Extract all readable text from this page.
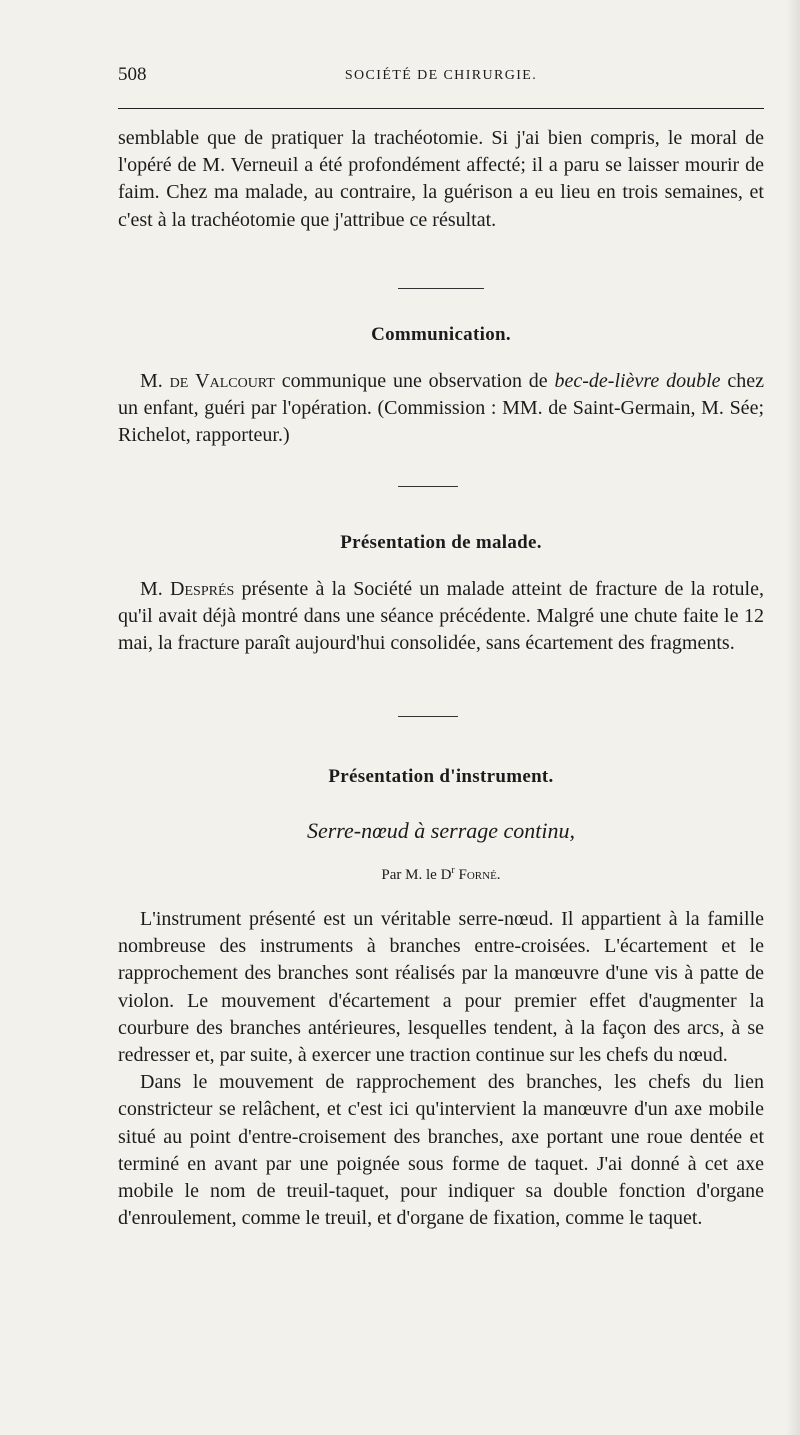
508	SOCIÉTÉ DE CHIRURGIE.

semblable que de pratiquer la trachéotomie. Si j'ai bien compris, le moral de l'opéré de M. Verneuil a été profondément affecté; il a paru se laisser mourir de faim. Chez ma malade, au contraire, la guérison a eu lieu en trois semaines, et c'est à la trachéotomie que j'attribue ce résultat.

Communication.

M. de Valcourt communique une observation de bec-de-lièvre double chez un enfant, guéri par l'opération. (Commission : MM. de Saint-Germain, M. Sée; Richelot, rapporteur.)

Présentation de malade.

M. Després présente à la Société un malade atteint de fracture de la rotule, qu'il avait déjà montré dans une séance précédente. Malgré une chute faite le 12 mai, la fracture paraît aujourd'hui consolidée, sans écartement des fragments.

Présentation d'instrument.
Serre-nœud à serrage continu,
Par M. le $D^r$ Forné.

L'instrument présenté est un véritable serre-nœud. Il appartient à la famille nombreuse des instruments à branches entre-croisées. L'écartement et le rapprochement des branches sont réalisés par la manœuvre d'une vis à patte de violon. Le mouvement d'écartement a pour premier effet d'augmenter la courbure des branches antérieures, lesquelles tendent, à la façon des arcs, à se redresser et, par suite, à exercer une traction continue sur les chefs du nœud.

Dans le mouvement de rapprochement des branches, les chefs du lien constricteur se relâchent, et c'est ici qu'intervient la manœuvre d'un axe mobile situé au point d'entre-croisement des branches, axe portant une roue dentée et terminé en avant par une poignée sous forme de taquet. J'ai donné à cet axe mobile le nom de treuil-taquet, pour indiquer sa double fonction d'organe d'enroulement, comme le treuil, et d'organe de fixation, comme le taquet.
